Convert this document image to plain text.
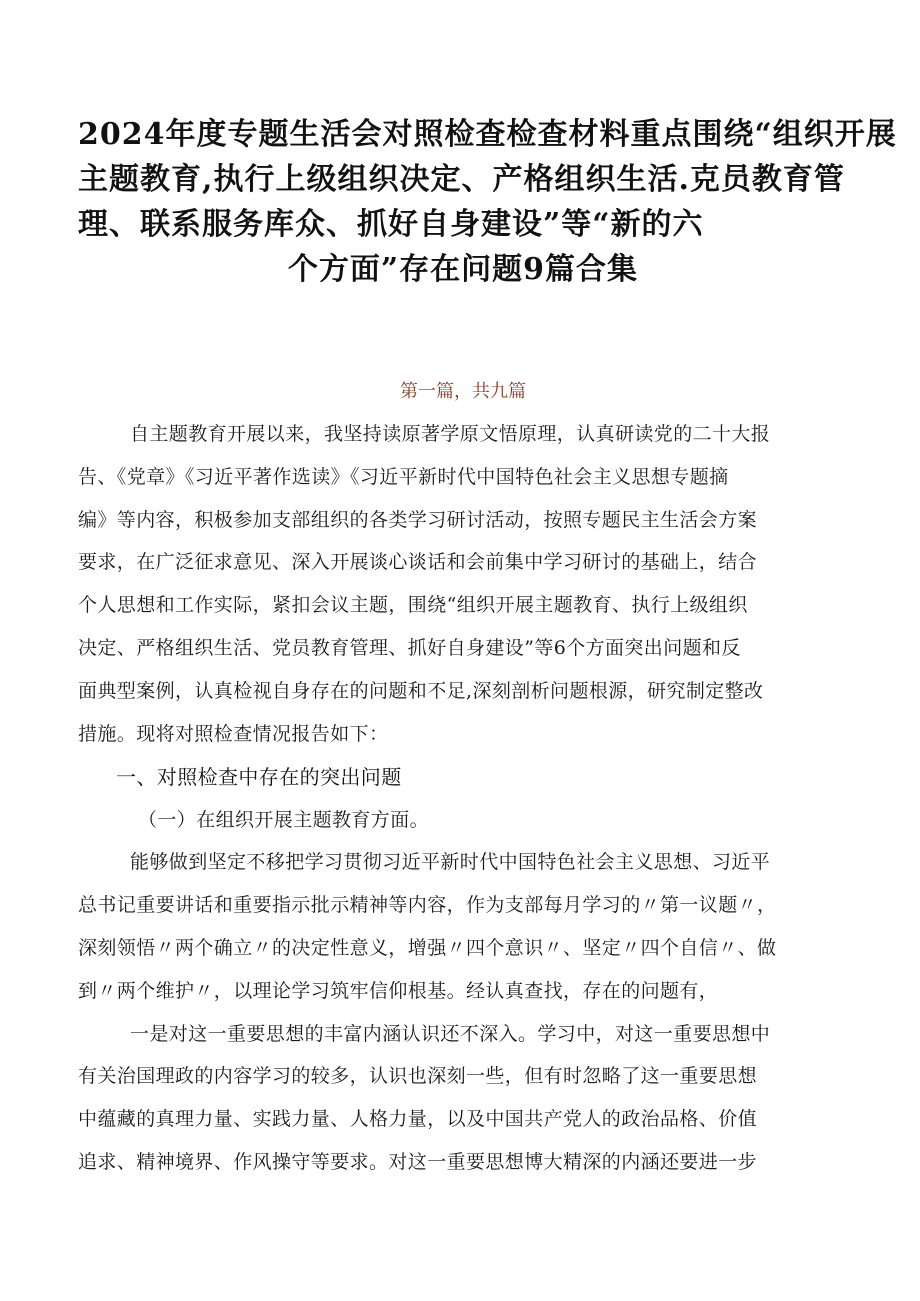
2024年度专题生活会对照检查检查材料重点围绕“组织开展
主题教育,执行上级组织决定、产格组织生活.克员教育管
理、联系服务库众、抓好自身建设”等“新的六
个方面”存在问题9篇合集
第一篇，共九篇
自主题教育开展以来，我坚持读原著学原文悟原理，认真研读党的二十大报
告、《党章》《习近平著作选读》《习近平新时代中国特色社会主义思想专题摘
编》等内容，积极参加支部组织的各类学习研讨活动，按照专题民主生活会方案
要求，在广泛征求意见、深入开展谈心谈话和会前集中学习研讨的基础上，结合
个人思想和工作实际，紧扣会议主题，围绕“组织开展主题教育、执行上级组织
决定、严格组织生活、党员教育管理、抓好自身建设”等6个方面突出问题和反
面典型案例，认真检视自身存在的问题和不足,深刻剖析问题根源，研究制定整改
措施。现将对照检查情况报告如下：
一、对照检查中存在的突出问题
（一）在组织开展主题教育方面。
能够做到坚定不移把学习贯彻习近平新时代中国特色社会主义思想、习近平
总书记重要讲话和重要指示批示精神等内容，作为支部每月学习的〃第一议题〃，
深刻领悟〃两个确立〃的决定性意义，增强〃四个意识〃、坚定〃四个自信〃、做
到〃两个维护〃，以理论学习筑牢信仰根基。经认真查找，存在的问题有，
一是对这一重要思想的丰富内涵认识还不深入。学习中，对这一重要思想中
有关治国理政的内容学习的较多，认识也深刻一些，但有时忽略了这一重要思想
中蕴藏的真理力量、实践力量、人格力量，以及中国共产党人的政治品格、价值
追求、精神境界、作风操守等要求。对这一重要思想博大精深的内涵还要进一步
